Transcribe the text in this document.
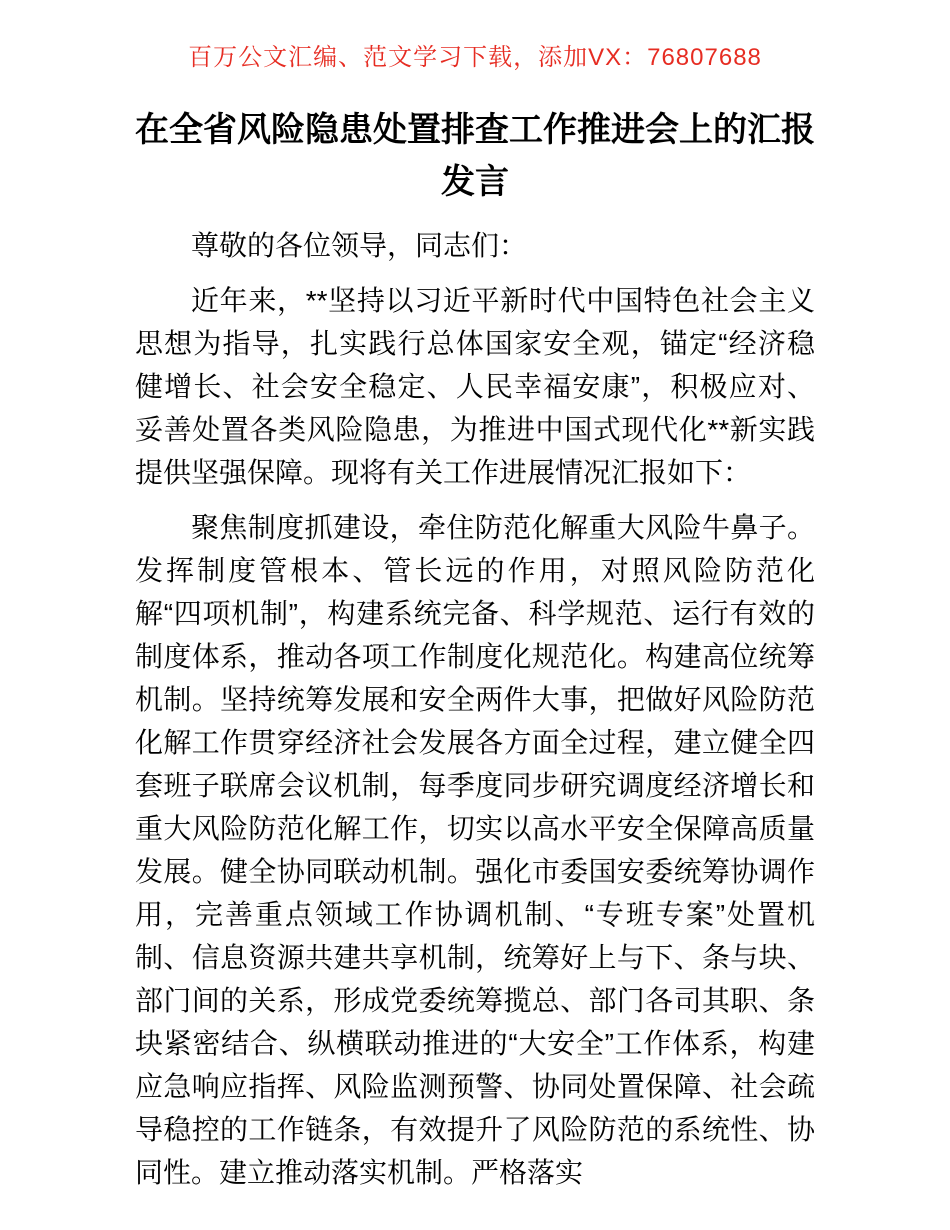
百万公文汇编、范文学习下载，添加VX：76807688
在全省风险隐患处置排查工作推进会上的汇报发言

尊敬的各位领导，同志们：

近年来，**坚持以习近平新时代中国特色社会主义思想为指导，扎实践行总体国家安全观，锚定“经济稳健增长、社会安全稳定、人民幸福安康”，积极应对、妥善处置各类风险隐患，为推进中国式现代化**新实践提供坚强保障。现将有关工作进展情况汇报如下：

聚焦制度抓建设，牵住防范化解重大风险牛鼻子。发挥制度管根本、管长远的作用，对照风险防范化解“四项机制”，构建系统完备、科学规范、运行有效的制度体系，推动各项工作制度化规范化。构建高位统筹机制。坚持统筹发展和安全两件大事，把做好风险防范化解工作贯穿经济社会发展各方面全过程，建立健全四套班子联席会议机制，每季度同步研究调度经济增长和重大风险防范化解工作，切实以高水平安全保障高质量发展。健全协同联动机制。强化市委国安委统筹协调作用，完善重点领域工作协调机制、“专班专案”处置机制、信息资源共建共享机制，统筹好上与下、条与块、部门间的关系，形成党委统筹揽总、部门各司其职、条块紧密结合、纵横联动推进的“大安全”工作体系，构建应急响应指挥、风险监测预警、协同处置保障、社会疏导稳控的工作链条，有效提升了风险防范的系统性、协同性。建立推动落实机制。严格落实
